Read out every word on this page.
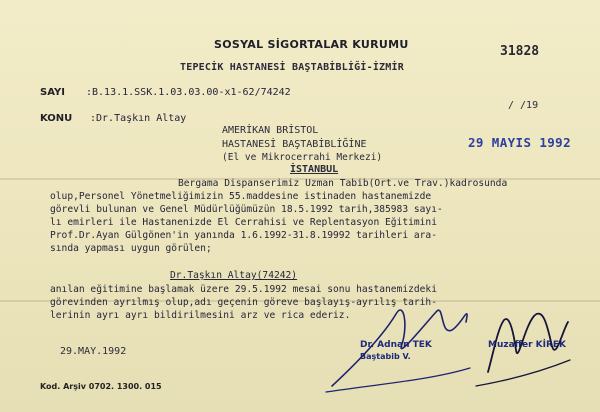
SOSYAL SİGORTALAR KURUMU
TEPECİK HASTANESİ BAŞTABİBLİĞİ-İZMİR
31828
SAYI :B.13.1.SSK.1.03.03.00-x1-62/74242
KONU :Dr.Taşkın Altay
/ /19
AMERİKAN BRİSTOL
HASTANESİ BAŞTABİBLİĞİNE
(El ve Mikrocerrahi Merkezi)
İSTANBUL
29 MAYIS 1992
Bergama Dispanserimiz Uzman Tabib(Ort.ve Trav.)kadrosunda
olup,Personel Yönetmeliğimizin 55.maddesine istinaden hastanemizde
görevli bulunan ve Genel Müdürlüğümüzün 18.5.1992 tarih,385983 sayı-
lı emirleri ile Hastanenizde El Cerrahisi ve Replentasyon Eğitimini
Prof.Dr.Ayan Gülgönen'in yanında 1.6.1992-31.8.19992 tarihleri ara-
sında yapması uygun görülen;
Dr.Taşkın Altay(74242)
anılan eğitimine başlamak üzere 29.5.1992 mesai sonu hastanemizdeki
görevinden ayrılmış olup,adı geçenin göreve başlayış-ayrılış tarih-
lerinin ayrı ayrı bildirilmesini arz ve rica ederiz.
29.MAY.1992
Dr. Adnan TEK
Baştabib V.
Muzaffer KİREK
Kod. Arşiv 0702. 1300. 015
